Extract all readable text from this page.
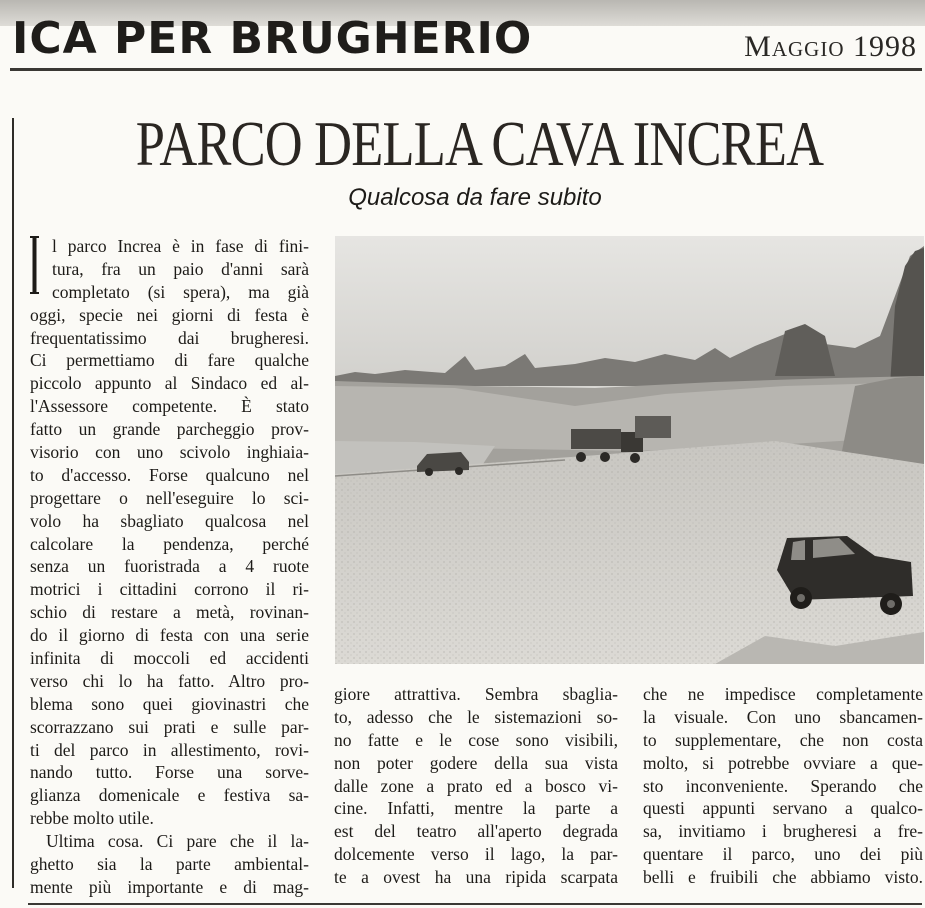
ICA PER BRUGHERIO	Maggio 1998
PARCO DELLA CAVA INCREA
Qualcosa da fare subito
l parco Increa è in fase di fini-
tura, fra un paio d'anni sarà
completato (si spera), ma già
oggi, specie nei giorni di festa è
frequentatissimo dai brugheresi.
Ci permettiamo di fare qualche
piccolo appunto al Sindaco ed al-
l'Assessore competente. È stato
fatto un grande parcheggio prov-
visorio con uno scivolo inghiaia-
to d'accesso. Forse qualcuno nel
progettare o nell'eseguire lo sci-
volo ha sbagliato qualcosa nel
calcolare la pendenza, perché
senza un fuoristrada a 4 ruote
motrici i cittadini corrono il ri-
schio di restare a metà, rovinan-
do il giorno di festa con una serie
infinita di moccoli ed accidenti
verso chi lo ha fatto. Altro pro-
blema sono quei giovinastri che
scorrazzano sui prati e sulle par-
ti del parco in allestimento, rovi-
nando tutto. Forse una sorve-
glianza domenicale e festiva sa-
rebbe molto utile.
Ultima cosa. Ci pare che il la-
ghetto sia la parte ambiental-
mente più importante e di mag-
giore attrattiva. Sembra sbaglia-
to, adesso che le sistemazioni so-
no fatte e le cose sono visibili,
non poter godere della sua vista
dalle zone a prato ed a bosco vi-
cine. Infatti, mentre la parte a
est del teatro all'aperto degrada
dolcemente verso il lago, la par-
te a ovest ha una ripida scarpata
che ne impedisce completamente
la visuale. Con uno sbancamen-
to supplementare, che non costa
molto, si potrebbe ovviare a que-
sto inconveniente. Sperando che
questi appunti servano a qualco-
sa, invitiamo i brugheresi a fre-
quentare il parco, uno dei più
belli e fruibili che abbiamo visto.
